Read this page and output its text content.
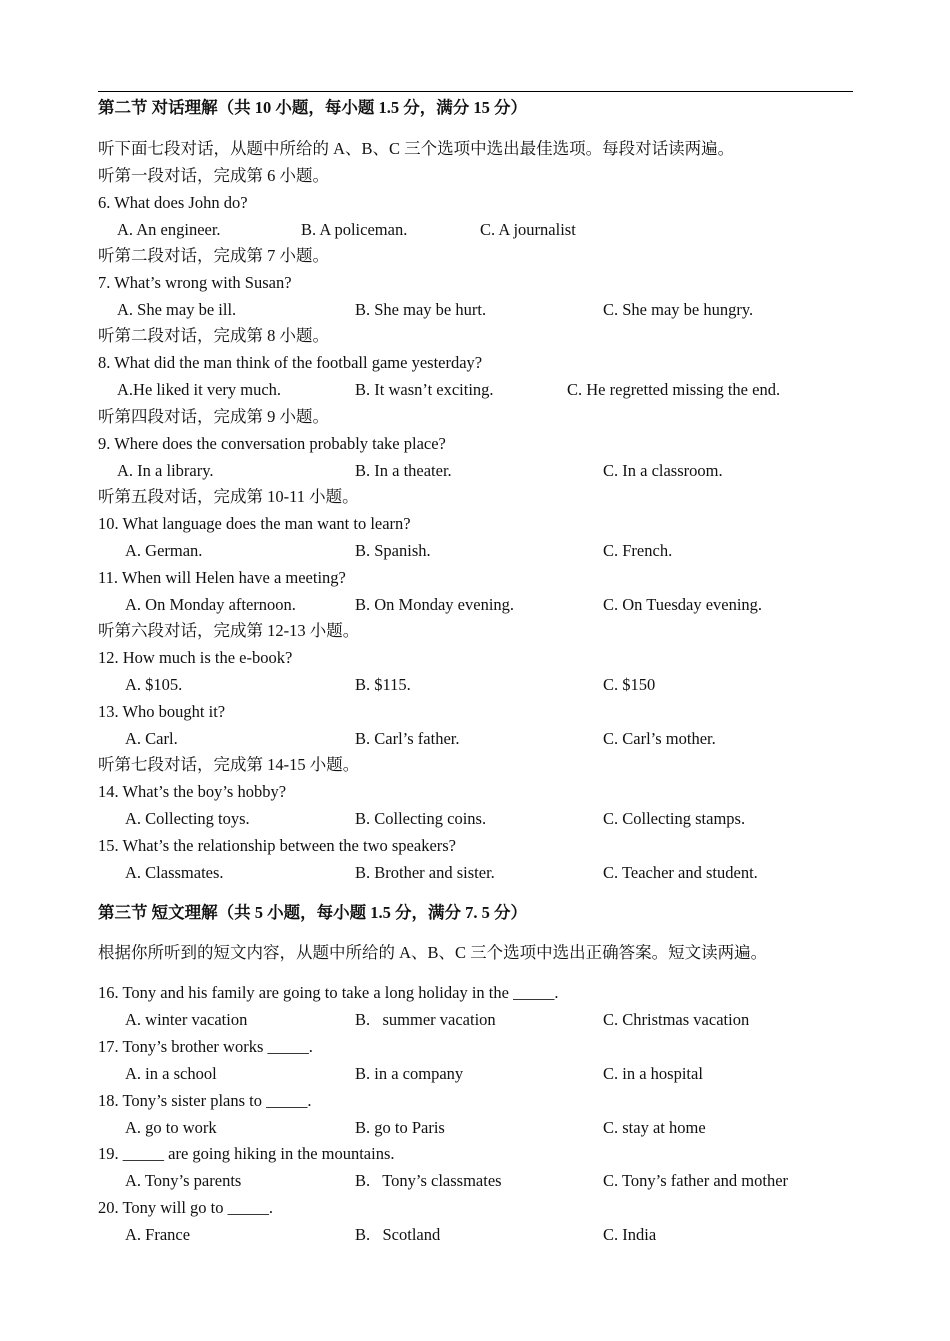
第二节 对话理解（共 10 小题，每小题 1.5 分，满分 15 分）
听下面七段对话，从题中所给的 A、B、C 三个选项中选出最佳选项。每段对话读两遍。
听第一段对话，完成第 6 小题。
6. What does John do?
A. An engineer.	B. A policeman.	C. A journalist
听第二段对话，完成第 7 小题。
7. What’s wrong with Susan?
A. She may be ill.	B. She may be hurt.	C. She may be hungry.
听第二段对话，完成第 8 小题。
8. What did the man think of the football game yesterday?
A.He liked it very much.	B. It wasn’t exciting.	C. He regretted missing the end.
听第四段对话，完成第 9 小题。
9. Where does the conversation probably take place?
A. In a library.	B. In a theater.	C. In a classroom.
听第五段对话，完成第 10-11 小题。
10. What language does the man want to learn?
A. German.	B. Spanish.	C. French.
11. When will Helen have a meeting?
A. On Monday afternoon.	B. On Monday evening.	C. On Tuesday evening.
听第六段对话，完成第 12-13 小题。
12. How much is the e-book?
A. $105.	B. $115.	C. $150
13. Who bought it?
A. Carl.	B. Carl’s father.	C. Carl’s mother.
听第七段对话，完成第 14-15 小题。
14. What’s the boy’s hobby?
A. Collecting toys.	B. Collecting coins.	C. Collecting stamps.
15. What’s the relationship between the two speakers?
A. Classmates.	B. Brother and sister.	C. Teacher and student.
第三节 短文理解（共 5 小题，每小题 1.5 分，满分 7. 5 分）
根据你所听到的短文内容，从题中所给的 A、B、C 三个选项中选出正确答案。短文读两遍。
16. Tony and his family are going to take a long holiday in the _____.
A. winter vacation	B.   summer vacation	C. Christmas vacation
17. Tony’s brother works _____.
A. in a school	B. in a company	C. in a hospital
18. Tony’s sister plans to _____.
A. go to work	B. go to Paris	C. stay at home
19. _____ are going hiking in the mountains.
A. Tony’s parents	B.   Tony’s classmates	C. Tony’s father and mother
20. Tony will go to _____.
A. France	B.   Scotland	C. India
